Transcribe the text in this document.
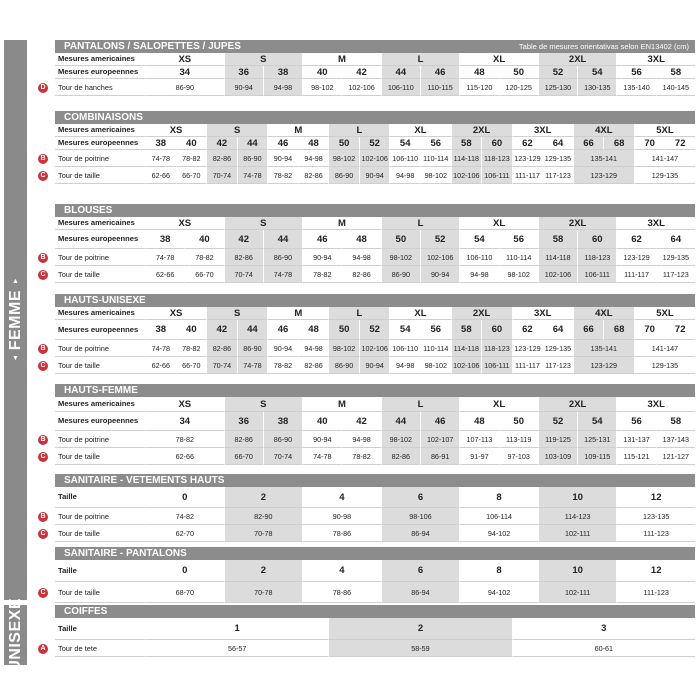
▲
FEMME
▼
UNISEXE
D
PANTALONS / SALOPETTES / JUPES	Table de mesures orientativas selon EN13402 (cm)
Mesures americaines	XS	S	M	L	XL	2XL	3XL
Mesures europeennes	34	36	38	40	42	44	46	48	50	52	54	56	58
Tour de hanches	86-90	90-94	94-98	98-102	102-106	106-110	110-115	115-120	120-125	125-130	130-135	135-140	140-145
B
C
COMBINAISONS
Mesures americaines	XS	S	M	L	XL	2XL	3XL	4XL	5XL
Mesures europeennes	38	40	42	44	46	48	50	52	54	56	58	60	62	64	66	68	70	72
Tour de poitrine	74-78	78-82	82-86	86-90	90-94	94-98	98-102 102-106 106-110 110-114 114-118 118-123 123-129 129-135	135-141	141-147
Tour de taille	62-66	66-70	70-74	74-78	78-82	82-86	86-90	90-94	94-98	98-102 102-106 106-111 111-117 117-123	123-129	129-135
B
C
BLOUSES
Mesures americaines	XS	S	M	L	XL	2XL	3XL
Mesures europeennes	38	40	42	44	46	48	50	52	54	56	58	60	62	64
Tour de poitrine	74-78	78-82	82-86	86-90	90-94	94-98	98-102	102-106	106-110	110-114	114-118	118-123	123-129	129-135
Tour de taille	62-66	66-70	70-74	74-78	78-82	82-86	86-90	90-94	94-98	98-102	102-106	106-111	111-117	117-123
B
C
HAUTS-UNISEXE
Mesures americaines	XS	S	M	L	XL	2XL	3XL	4XL	5XL
Mesures europeennes	38	40	42	44	46	48	50	52	54	56	58	60	62	64	66	68	70	72
Tour de poitrine	74-78	78-82	82-86	86-90	90-94	94-98	98-102 102-106 106-110 110-114 114-118 118-123 123-129 129-135	135-141	141-147
Tour de taille	62-66	66-70	70-74	74-78	78-82	82-86	86-90	90-94	94-98	98-102 102-106 106-111 111-117 117-123	123-129	129-135
B
C
HAUTS-FEMME
Mesures americaines	XS	S	M	L	XL	2XL	3XL
Mesures europeennes	34	36	38	40	42	44	46	48	50	52	54	56	58
Tour de poitrine	78-82	82-86	86-90	90-94	94-98	98-102	102-107	107-113	113-119	119-125	125-131	131-137	137-143
Tour de taille	62-66	66-70	70-74	74-78	78-82	82-86	86-91	91-97	97-103	103-109	109-115	115-121	121-127
B
C
SANITAIRE - VETEMENTS HAUTS
Taille	0	2	4	6	8	10	12
Tour de poitrine	74-82	82-90	90-98	98-106	106-114	114-123	123-135
Tour de taille	62-70	70-78	78-86	86-94	94-102	102-111	111-123
C
SANITAIRE - PANTALONS
Taille	0	2	4	6	8	10	12
Tour de taille	68-70	70-78	78-86	86-94	94-102	102-111	111-123
A
COIFFES
Taille	1	2	3
Tour de tete	56-57	58-59	60-61
